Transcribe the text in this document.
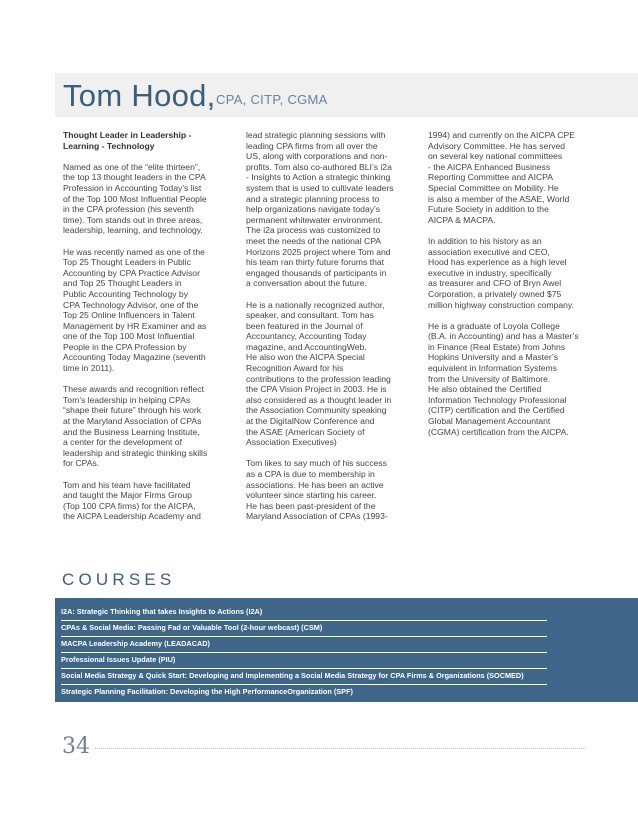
Tom Hood, CPA, CITP, CGMA

Thought Leader in Leadership -
Learning - Technology

Named as one of the “elite thirteen”,
the top 13 thought leaders in the CPA
Profession in Accounting Today’s list
of the Top 100 Most Influential People
in the CPA profession (his seventh
time). Tom stands out in three areas,
leadership, learning, and technology.

He was recently named as one of the
Top 25 Thought Leaders in Public
Accounting by CPA Practice Advisor
and Top 25 Thought Leaders in
Public Accounting Technology by
CPA Technology Advisor, one of the
Top 25 Online Influencers in Talent
Management by HR Examiner and as
one of the Top 100 Most Influential
People in the CPA Profession by
Accounting Today Magazine (seventh
time in 2011).

These awards and recognition reflect
Tom’s leadership in helping CPAs
“shape their future” through his work
at the Maryland Association of CPAs
and the Business Learning Institute,
a center for the development of
leadership and strategic thinking skills
for CPAs.

Tom and his team have facilitated
and taught the Major Firms Group
(Top 100 CPA firms) for the AICPA,
the AICPA Leadership Academy and

lead strategic planning sessions with
leading CPA firms from all over the
US, along with corporations and non-
profits. Tom also co-authored BLI’s i2a
- Insights to Action a strategic thinking
system that is used to cultivate leaders
and a strategic planning process to
help organizations navigate today’s
permanent whitewater environment.
The i2a process was customized to
meet the needs of the national CPA
Horizons 2025 project where Tom and
his team ran thirty future forums that
engaged thousands of participants in
a conversation about the future.

He is a nationally recognized author,
speaker, and consultant. Tom has
been featured in the Journal of
Accountancy, Accounting Today
magazine, and AccountingWeb.
He also won the AICPA Special
Recognition Award for his
contributions to the profession leading
the CPA Vision Project in 2003. He is
also considered as a thought leader in
the Association Community speaking
at the DigitalNow Conference and
the ASAE (American Society of
Association Executives)

Tom likes to say much of his success
as a CPA is due to membership in
associations. He has been an active
volunteer since starting his career.
He has been past-president of the
Maryland Association of CPAs (1993-

1994) and currently on the AICPA CPE
Advisory Committee. He has served
on several key national committees
- the AICPA Enhanced Business
Reporting Committee and AICPA
Special Committee on Mobility. He
is also a member of the ASAE, World
Future Society in addition to the
AICPA & MACPA.

In addition to his history as an
association executive and CEO,
Hood has experience as a high level
executive in industry, specifically
as treasurer and CFO of Bryn Awel
Corporation, a privately owned $75
million highway construction company.

He is a graduate of Loyola College
(B.A. in Accounting) and has a Master’s
in Finance (Real Estate) from Johns
Hopkins University and a Master’s
equivalent in Information Systems
from the University of Baltimore.
He also obtained the Certified
Information Technology Professional
(CITP) certification and the Certified
Global Management Accountant
(CGMA) certification from the AICPA.

COURSES
I2A: Strategic Thinking that takes Insights to Actions (I2A)
CPAs & Social Media: Passing Fad or Valuable Tool (2-hour webcast) (CSM)
MACPA Leadership Academy (LEADACAD)
Professional Issues Update (PIU)
Social Media Strategy & Quick Start: Developing and Implementing a Social Media Strategy for CPA Firms & Organizations (SOCMED)
Strategic Planning Facilitation: Developing the High PerformanceOrganization (SPF)
34
